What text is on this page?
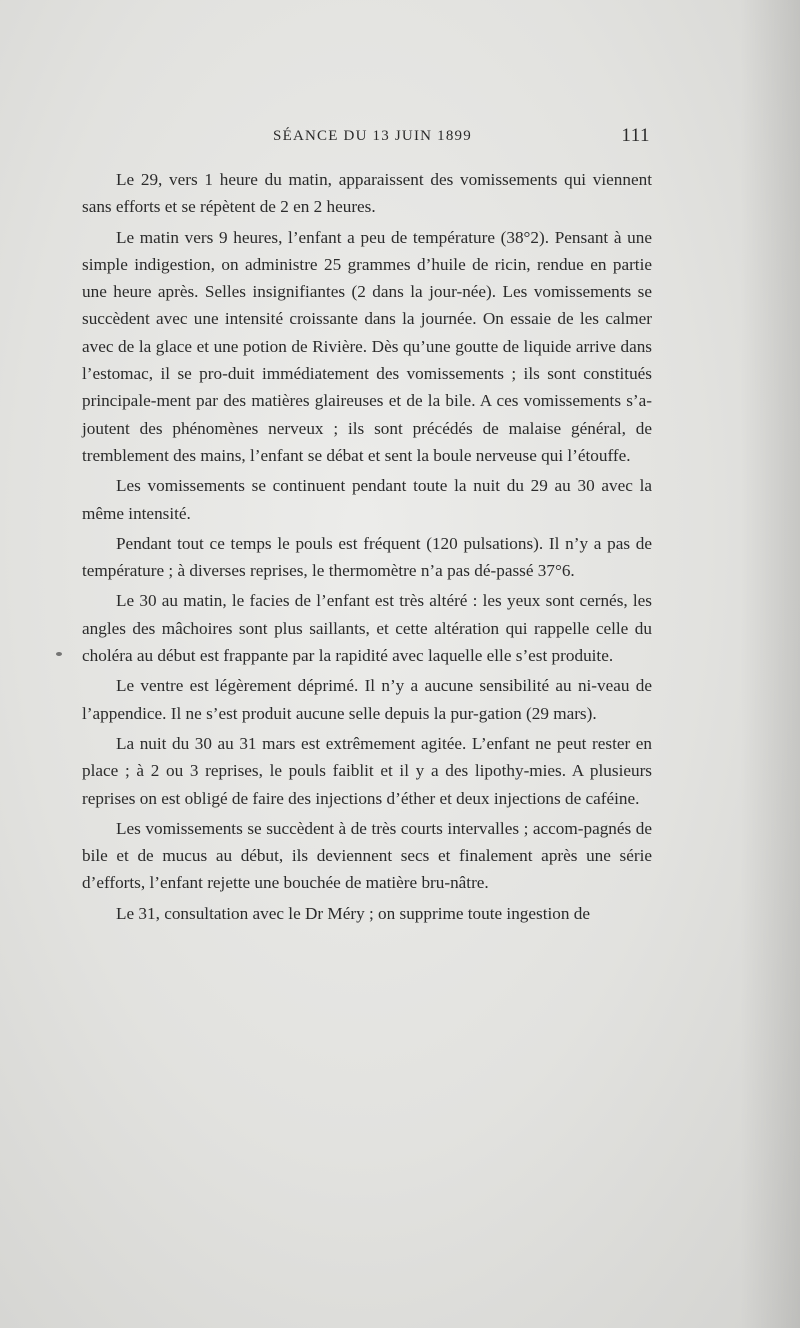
SÉANCE DU 13 JUIN 1899	111

Le 29, vers 1 heure du matin, apparaissent des vomissements qui viennent sans efforts et se répètent de 2 en 2 heures.

Le matin vers 9 heures, l’enfant a peu de température (38°2). Pensant à une simple indigestion, on administre 25 grammes d’huile de ricin, rendue en partie une heure après. Selles insignifiantes (2 dans la jour-née). Les vomissements se succèdent avec une intensité croissante dans la journée. On essaie de les calmer avec de la glace et une potion de Rivière. Dès qu’une goutte de liquide arrive dans l’estomac, il se pro-duit immédiatement des vomissements ; ils sont constitués principale-ment par des matières glaireuses et de la bile. A ces vomissements s’a-joutent des phénomènes nerveux ; ils sont précédés de malaise général, de tremblement des mains, l’enfant se débat et sent la boule nerveuse qui l’étouffe.

Les vomissements se continuent pendant toute la nuit du 29 au 30 avec la même intensité.

Pendant tout ce temps le pouls est fréquent (120 pulsations). Il n’y a pas de température ; à diverses reprises, le thermomètre n’a pas dé-passé 37°6.

Le 30 au matin, le facies de l’enfant est très altéré : les yeux sont cernés, les angles des mâchoires sont plus saillants, et cette altération qui rappelle celle du choléra au début est frappante par la rapidité avec laquelle elle s’est produite.

Le ventre est légèrement déprimé. Il n’y a aucune sensibilité au ni-veau de l’appendice. Il ne s’est produit aucune selle depuis la pur-gation (29 mars).

La nuit du 30 au 31 mars est extrêmement agitée. L’enfant ne peut rester en place ; à 2 ou 3 reprises, le pouls faiblit et il y a des lipothy-mies. A plusieurs reprises on est obligé de faire des injections d’éther et deux injections de caféine.

Les vomissements se succèdent à de très courts intervalles ; accom-pagnés de bile et de mucus au début, ils deviennent secs et finalement après une série d’efforts, l’enfant rejette une bouchée de matière bru-nâtre.

Le 31, consultation avec le Dr Méry ; on supprime toute ingestion de
